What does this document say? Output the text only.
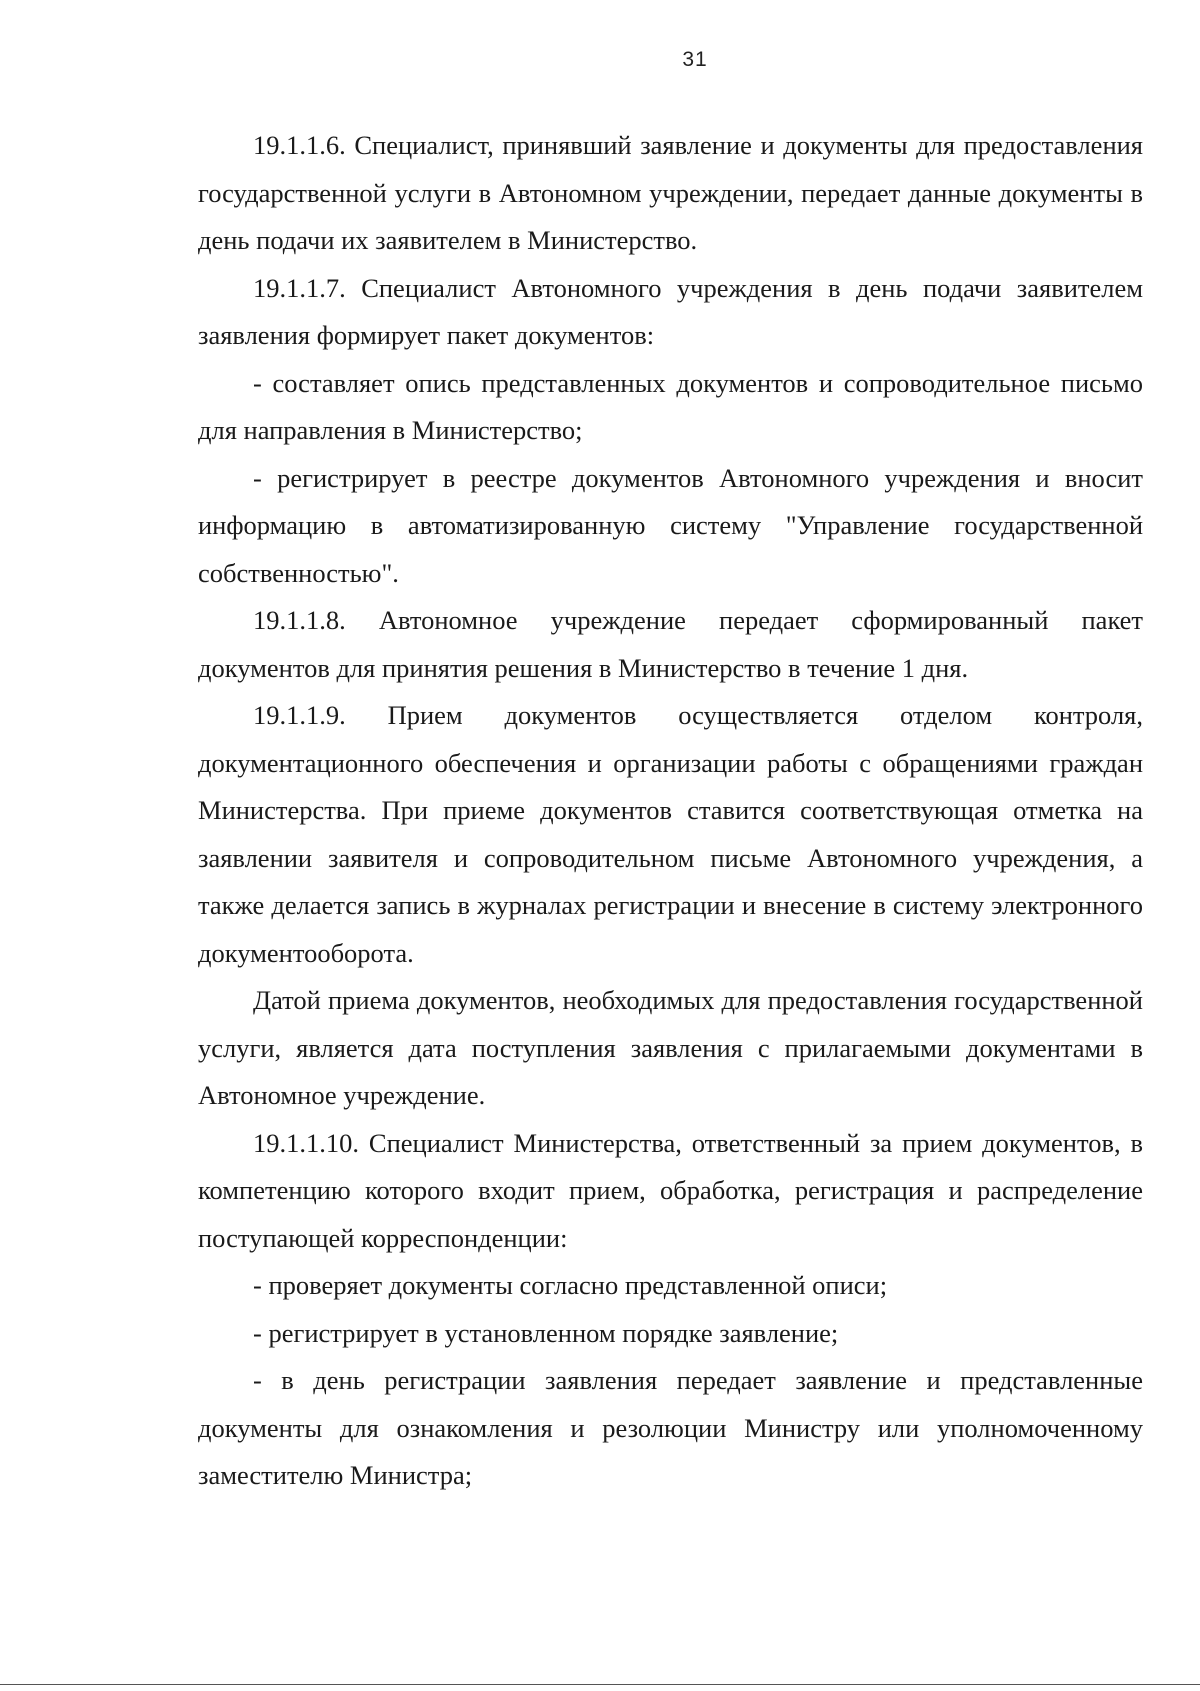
31

19.1.1.6. Специалист, принявший заявление и документы для предоставления государственной услуги в Автономном учреждении, передает данные документы в день подачи их заявителем в Министерство.

19.1.1.7. Специалист Автономного учреждения в день подачи заявителем заявления формирует пакет документов:

- составляет опись представленных документов и сопроводительное письмо для направления в Министерство;

- регистрирует в реестре документов Автономного учреждения и вносит информацию в автоматизированную систему "Управление государственной собственностью".

19.1.1.8. Автономное учреждение передает сформированный пакет документов для принятия решения в Министерство в течение 1 дня.

19.1.1.9. Прием документов осуществляется отделом контроля, документационного обеспечения и организации работы с обращениями граждан Министерства. При приеме документов ставится соответствующая отметка на заявлении заявителя и сопроводительном письме Автономного учреждения, а также делается запись в журналах регистрации и внесение в систему электронного документооборота.

Датой приема документов, необходимых для предоставления государственной услуги, является дата поступления заявления с прилагаемыми документами в Автономное учреждение.

19.1.1.10. Специалист Министерства, ответственный за прием документов, в компетенцию которого входит прием, обработка, регистрация и распределение поступающей корреспонденции:

- проверяет документы согласно представленной описи;

- регистрирует в установленном порядке заявление;

- в день регистрации заявления передает заявление и представленные документы для ознакомления и резолюции Министру или уполномоченному заместителю Министра;
